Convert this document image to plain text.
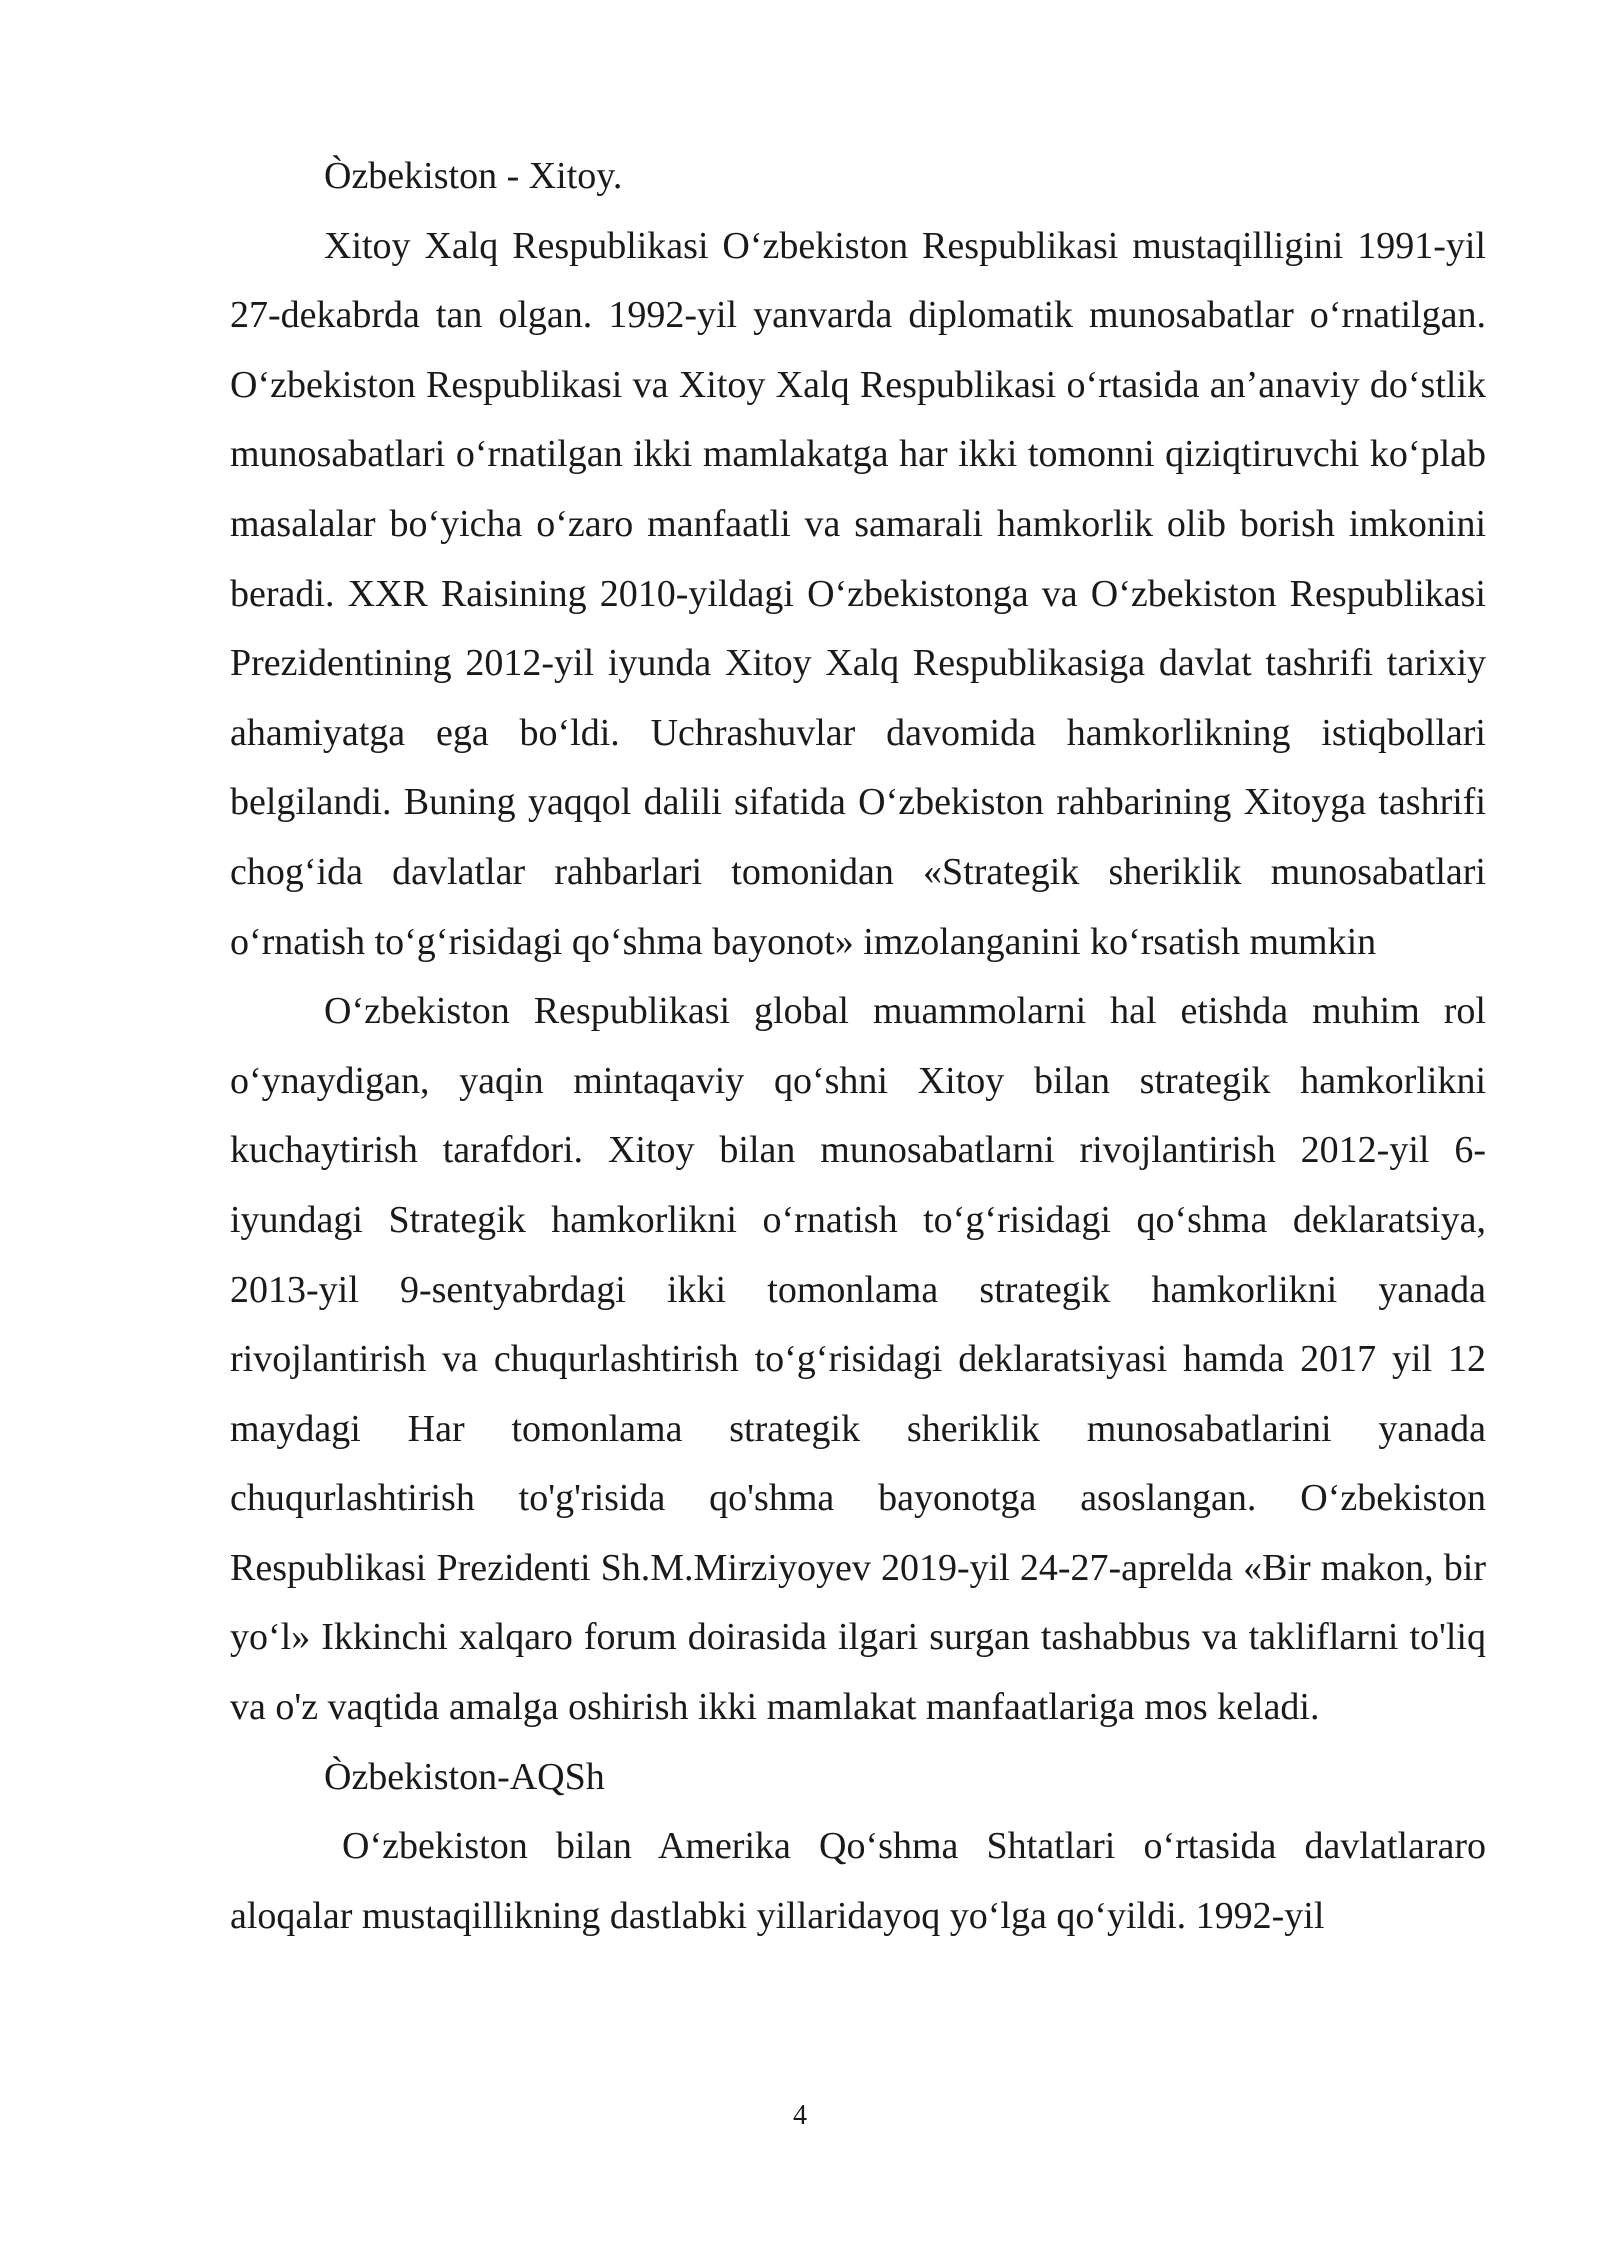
Òzbekiston - Xitoy.

Xitoy Xalq Respublikasi O‘zbekiston Respublikasi mustaqilligini 1991-yil 27-dekabrda tan olgan. 1992-yil yanvarda diplomatik munosabatlar o‘rnatilgan. O‘zbekiston Respublikasi va Xitoy Xalq Respublikasi o‘rtasida an’anaviy do‘stlik munosabatlari o‘rnatilgan ikki mamlakatga har ikki tomonni qiziqtiruvchi ko‘plab masalalar bo‘yicha o‘zaro manfaatli va samarali hamkorlik olib borish imkonini beradi. XXR Raisining 2010-yildagi O‘zbekistonga va O‘zbekiston Respublikasi Prezidentining 2012-yil iyunda Xitoy Xalq Respublikasiga davlat tashrifi tarixiy ahamiyatga ega bo‘ldi. Uchrashuvlar davomida hamkorlikning istiqbollari belgilandi. Buning yaqqol dalili sifatida O‘zbekiston rahbarining Xitoyga tashrifi chog‘ida davlatlar rahbarlari tomonidan «Strategik sheriklik munosabatlari o‘rnatish to‘g‘risidagi qo‘shma bayonot» imzolanganini ko‘rsatish mumkin

O‘zbekiston Respublikasi global muammolarni hal etishda muhim rol o‘ynaydigan, yaqin mintaqaviy qo‘shni Xitoy bilan strategik hamkorlikni kuchaytirish tarafdori. Xitoy bilan munosabatlarni rivojlantirish 2012-yil 6-iyundagi Strategik hamkorlikni o‘rnatish to‘g‘risidagi qo‘shma deklaratsiya, 2013-yil 9-sentyabrdagi ikki tomonlama strategik hamkorlikni yanada rivojlantirish va chuqurlashtirish to‘g‘risidagi deklaratsiyasi hamda 2017 yil 12 maydagi Har tomonlama strategik sheriklik munosabatlarini yanada chuqurlashtirish to'g'risida qo'shma bayonotga asoslangan. O‘zbekiston Respublikasi Prezidenti Sh.M.Mirziyoyev 2019-yil 24-27-aprelda «Bir makon, bir yo‘l» Ikkinchi xalqaro forum doirasida ilgari surgan tashabbus va takliflarni to'liq va o'z vaqtida amalga oshirish ikki mamlakat manfaatlariga mos keladi.

Òzbekiston-AQSh

O‘zbekiston bilan Amerika Qo‘shma Shtatlari o‘rtasida davlatlararo aloqalar mustaqillikning dastlabki yillaridayoq yo‘lga qo‘yildi. 1992-yil

4
